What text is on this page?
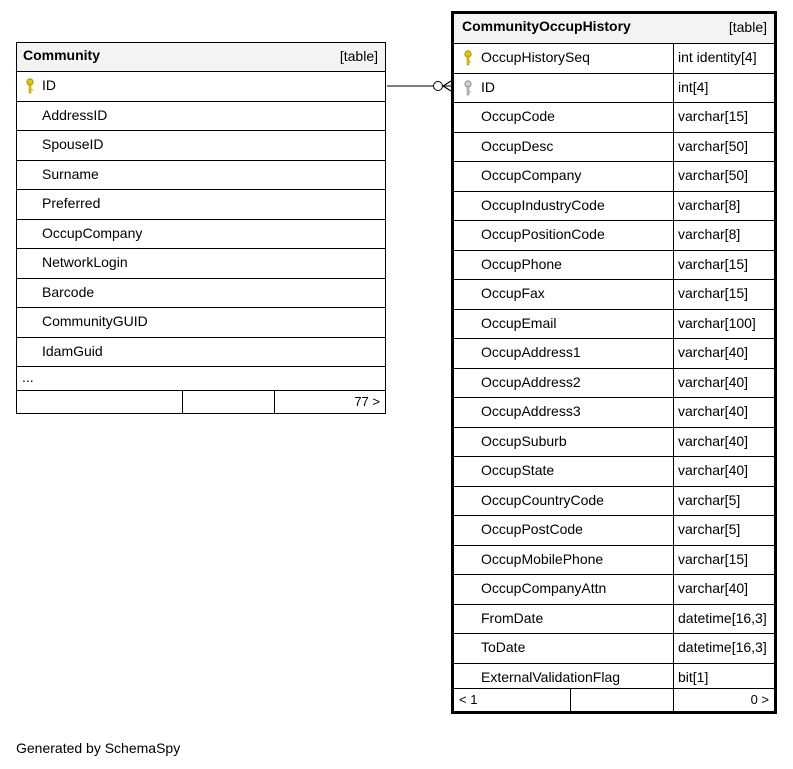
Community	[table]
ID
AddressID
SpouseID
Surname
Preferred
OccupCompany
NetworkLogin
Barcode
CommunityGUID
IdamGuid
...
77 >
CommunityOccupHistory	[table]
OccupHistorySeq	int identity[4]
ID	int[4]
OccupCode	varchar[15]
OccupDesc	varchar[50]
OccupCompany	varchar[50]
OccupIndustryCode	varchar[8]
OccupPositionCode	varchar[8]
OccupPhone	varchar[15]
OccupFax	varchar[15]
OccupEmail	varchar[100]
OccupAddress1	varchar[40]
OccupAddress2	varchar[40]
OccupAddress3	varchar[40]
OccupSuburb	varchar[40]
OccupState	varchar[40]
OccupCountryCode	varchar[5]
OccupPostCode	varchar[5]
OccupMobilePhone	varchar[15]
OccupCompanyAttn	varchar[40]
FromDate	datetime[16,3]
ToDate	datetime[16,3]
ExternalValidationFlag	bit[1]
< 1	0 >
Generated by SchemaSpy
